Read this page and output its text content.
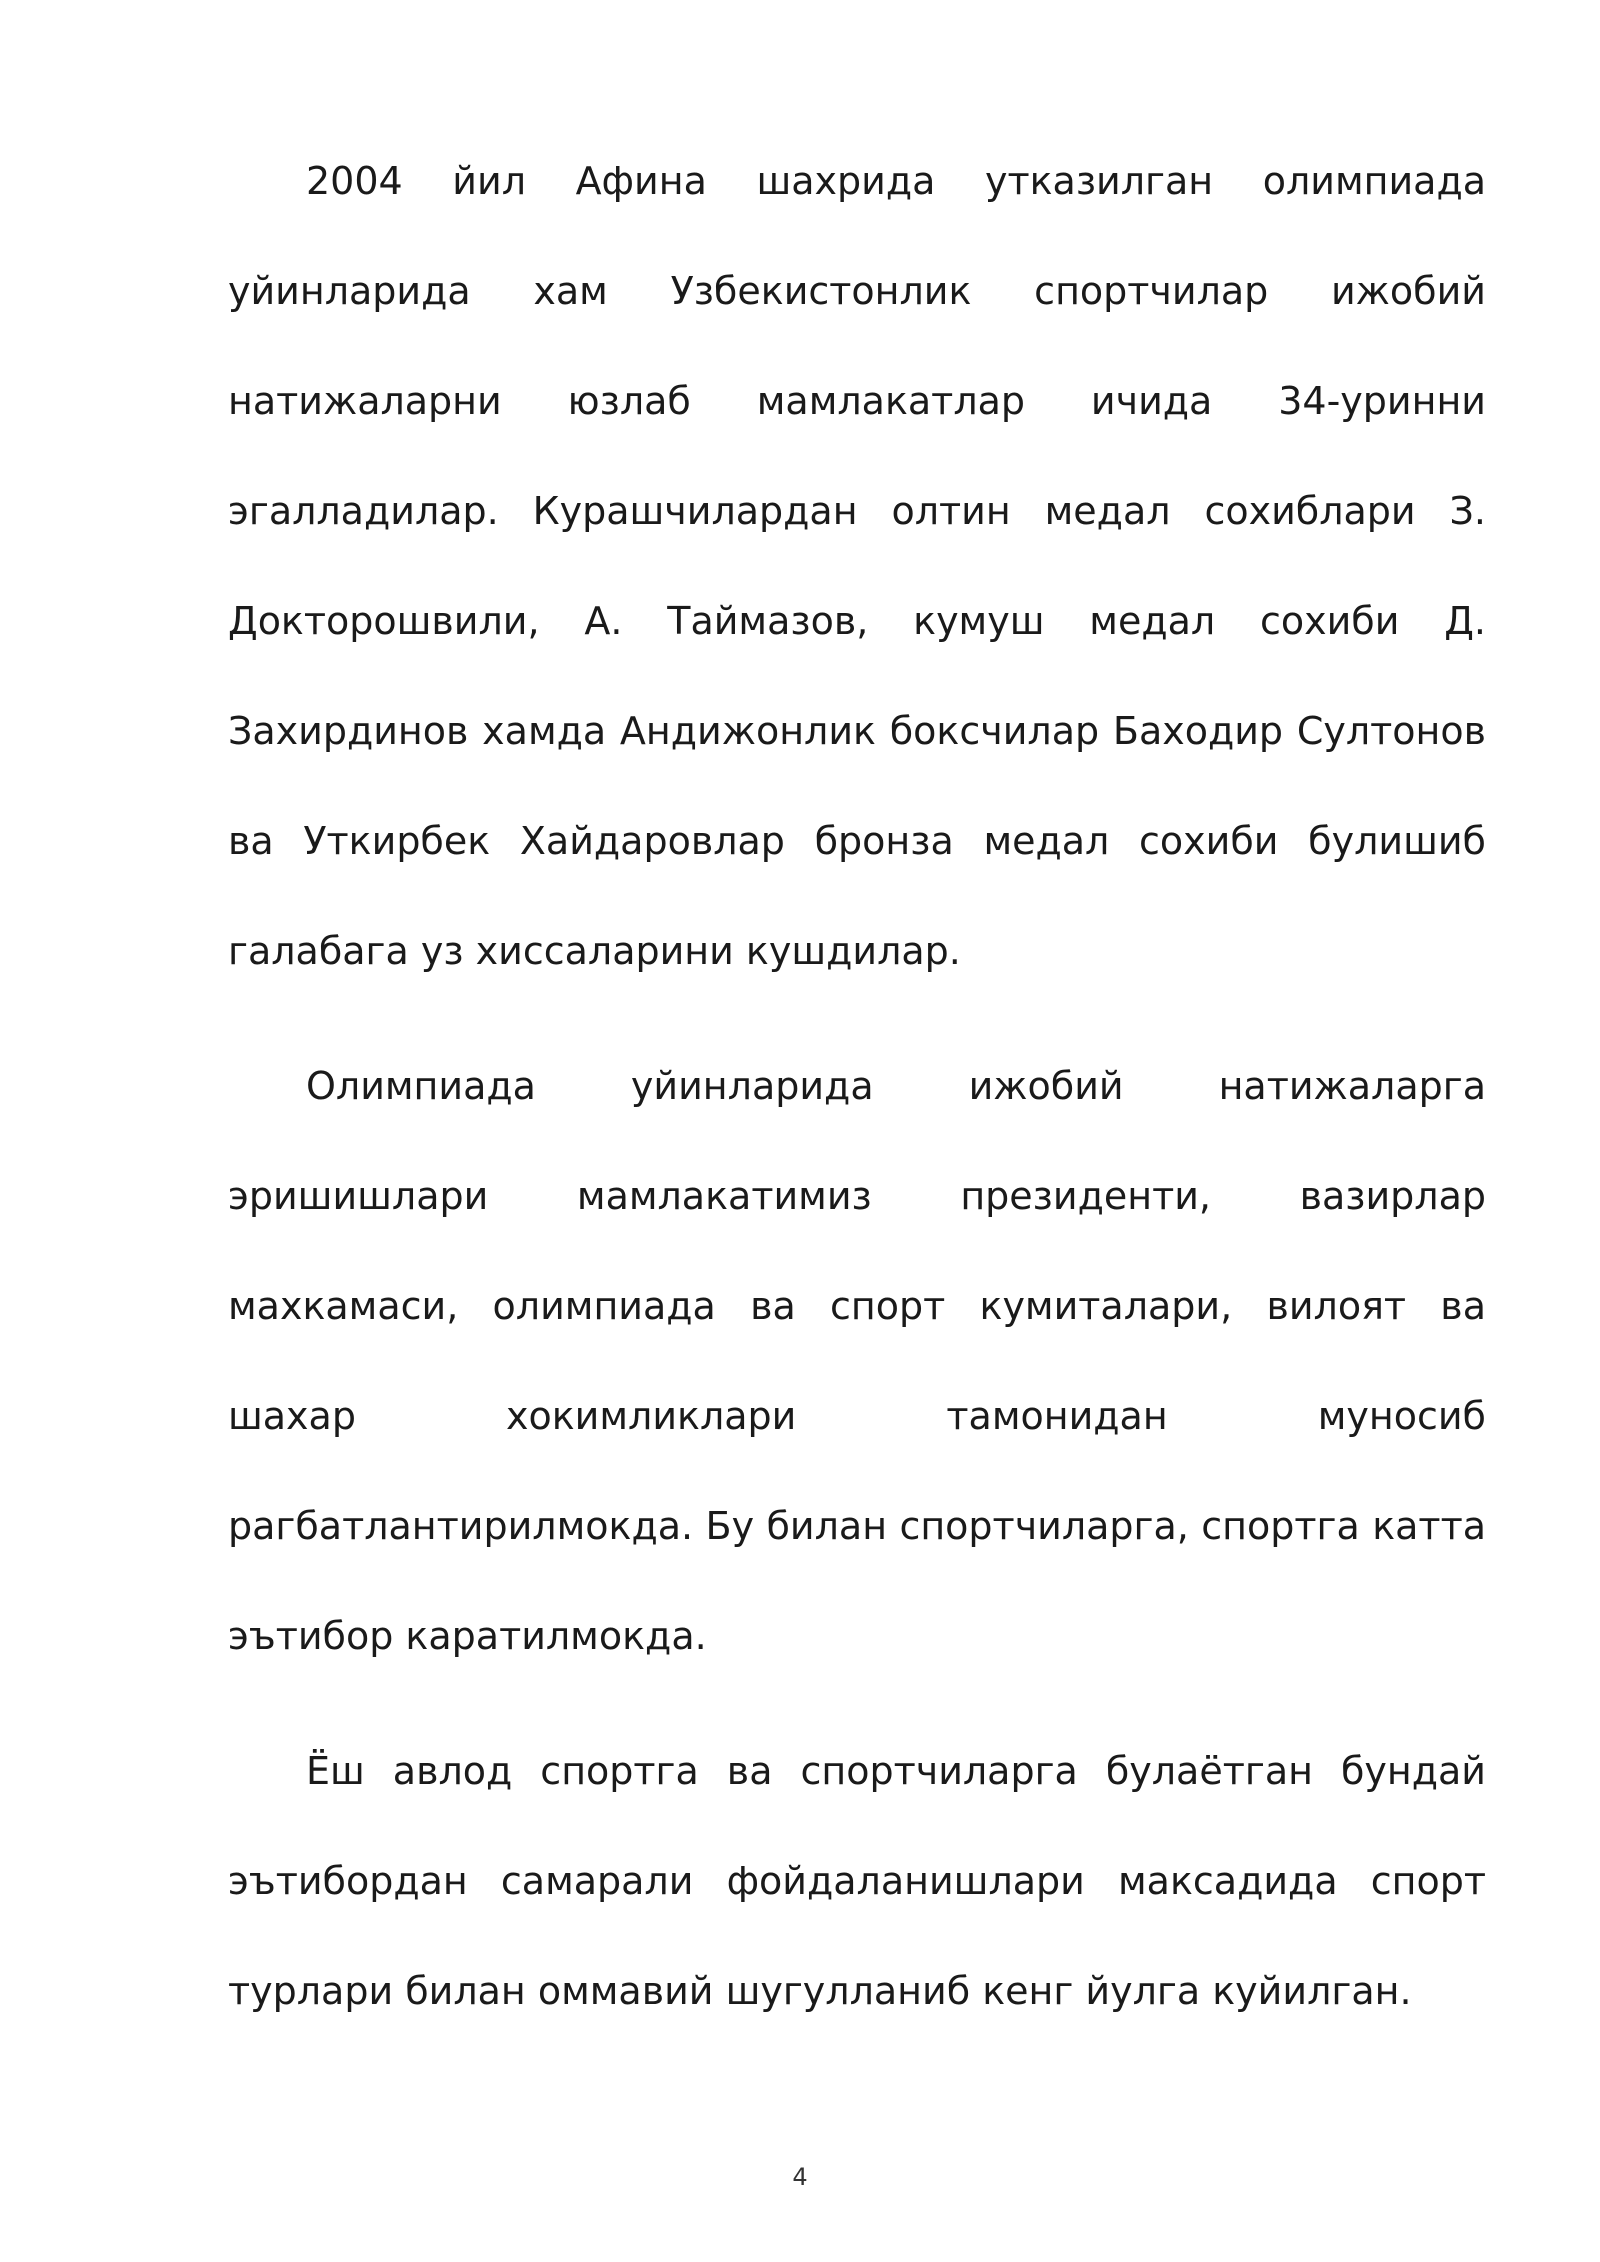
2004 йил Афина шахрида утказилган олимпиада уйинларида хам Узбекистонлик спортчилар ижобий натижаларни юзлаб мамлакатлар ичида 34-уринни эгалладилар. Курашчилардан олтин медал сохиблари З. Докторошвили, А. Таймазов, кумуш медал сохиби Д. Захирдинов хамда Андижонлик боксчилар Баходир Султонов ва Уткирбек Хайдаровлар бронза медал сохиби булишиб галабага уз хиссаларини кушдилар.

Олимпиада уйинларида ижобий натижаларга эришишлари мамлакатимиз президенти, вазирлар махкамаси, олимпиада ва спорт кумиталари, вилоят ва шахар хокимликлари тамонидан муносиб рагбатлантирилмокда. Бу билан спортчиларга, спортга катта эътибор каратилмокда.

Ёш авлод спортга ва спортчиларга булаётган бундай эътибордан самарали фойдаланишлари максадида спорт турлари билан оммавий шугулланиб кенг йулга куйилган.

4
